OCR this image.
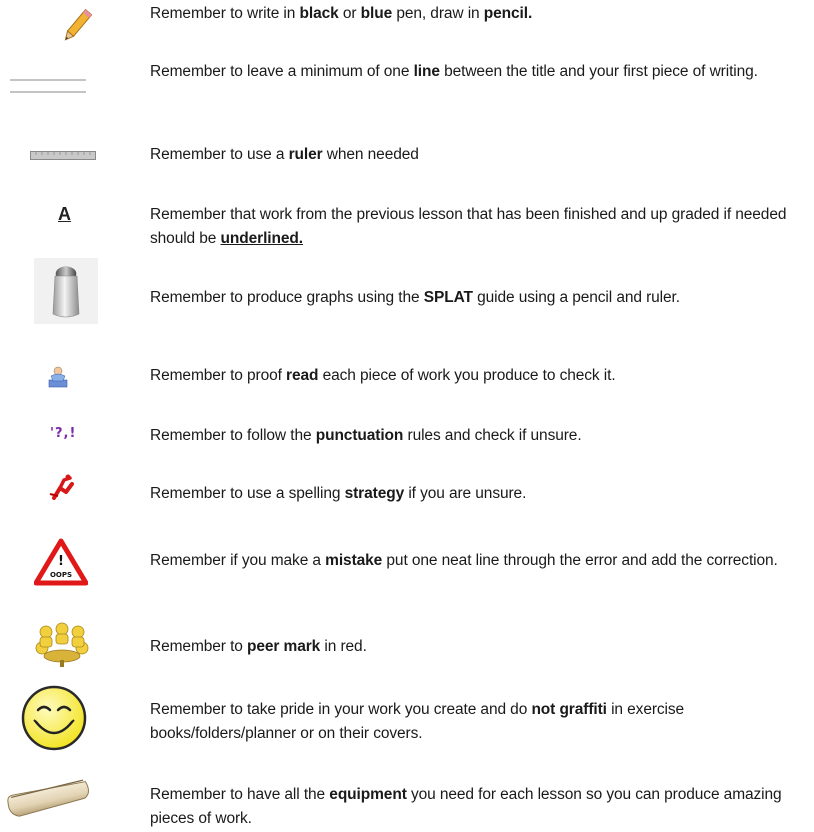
Remember to write in black or blue pen, draw in pencil.
Remember to leave a minimum of one line between the title and your first piece of writing.
Remember to use a ruler when needed
A	Remember that work from the previous lesson that has been finished and up graded if needed should be underlined.
Remember to produce graphs using the SPLAT guide using a pencil and ruler.
Remember to proof read each piece of work you produce to check it.
'?,!	Remember to follow the punctuation rules and check if unsure.
Remember to use a spelling strategy if you are unsure.
!
OOPS
Remember if you make a mistake put one neat line through the error and add the correction.
Remember to peer mark in red.
Remember to take pride in your work you create and do not graffiti in exercise books/folders/planner or on their covers.
Remember to have all the equipment you need for each lesson so you can produce amazing pieces of work.
